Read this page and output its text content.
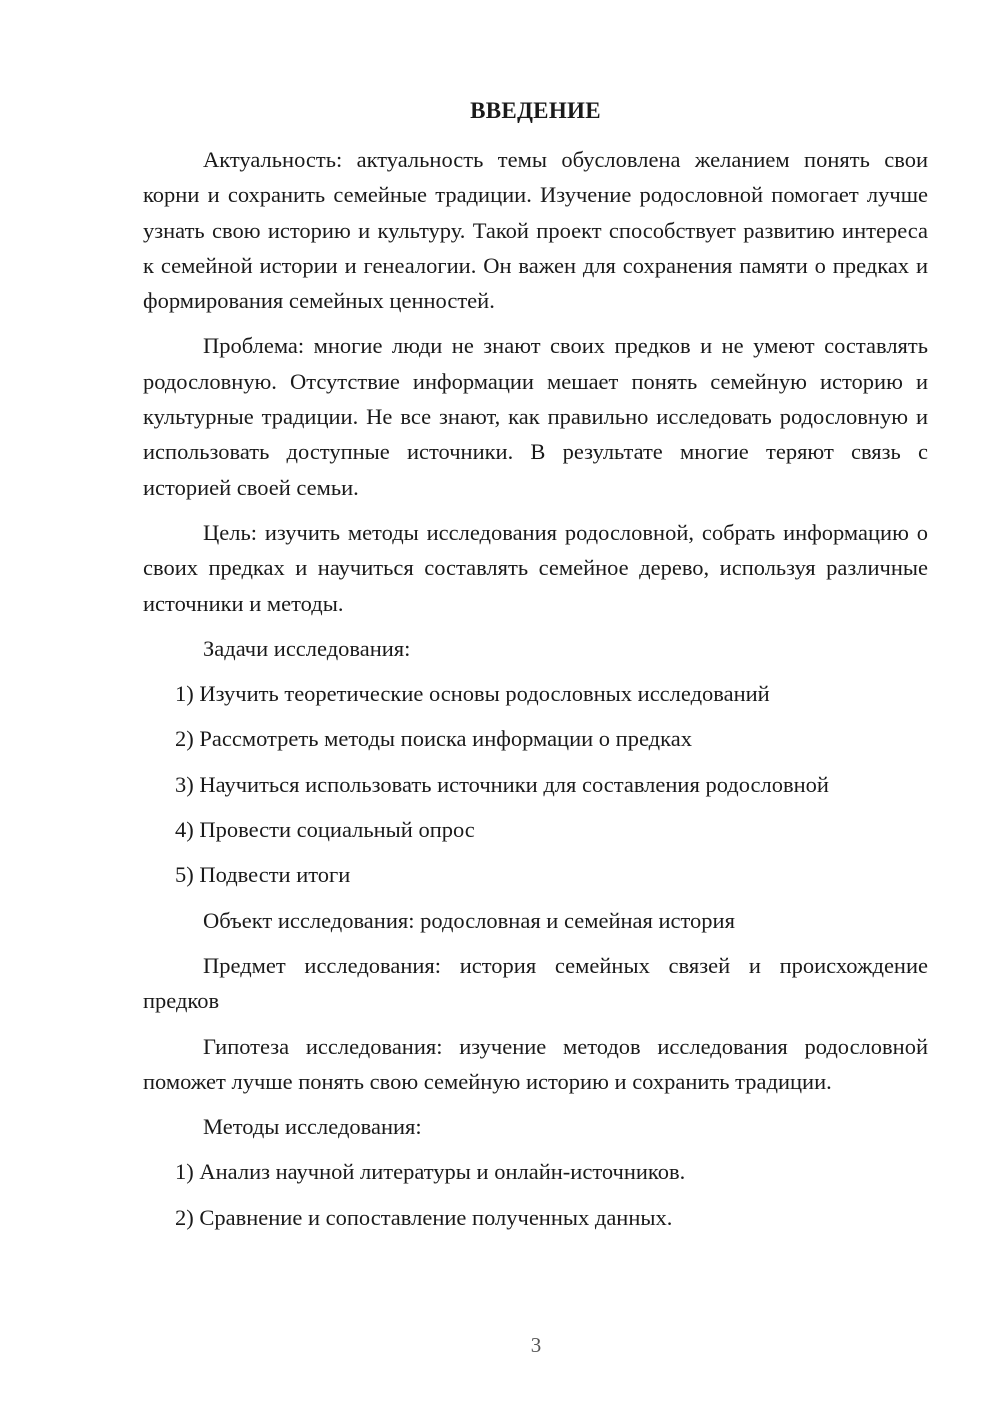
ВВЕДЕНИЕ

Актуальность: актуальность темы обусловлена желанием понять свои корни и сохранить семейные традиции. Изучение родословной помогает лучше узнать свою историю и культуру. Такой проект способствует развитию интереса к семейной истории и генеалогии. Он важен для сохранения памяти о предках и формирования семейных ценностей.

Проблема: многие люди не знают своих предков и не умеют составлять родословную. Отсутствие информации мешает понять семейную историю и культурные традиции. Не все знают, как правильно исследовать родословную и использовать доступные источники. В результате многие теряют связь с историей своей семьи.

Цель: изучить методы исследования родословной, собрать информацию о своих предках и научиться составлять семейное дерево, используя различные источники и методы.

Задачи исследования:

1) Изучить теоретические основы родословных исследований
2) Рассмотреть методы поиска информации о предках
3) Научиться использовать источники для составления родословной
4) Провести социальный опрос
5) Подвести итоги

Объект исследования: родословная и семейная история

Предмет исследования: история семейных связей и происхождение предков

Гипотеза исследования: изучение методов исследования родословной поможет лучше понять свою семейную историю и сохранить традиции.

Методы исследования:

1) Анализ научной литературы и онлайн-источников.
2) Сравнение и сопоставление полученных данных.
3
